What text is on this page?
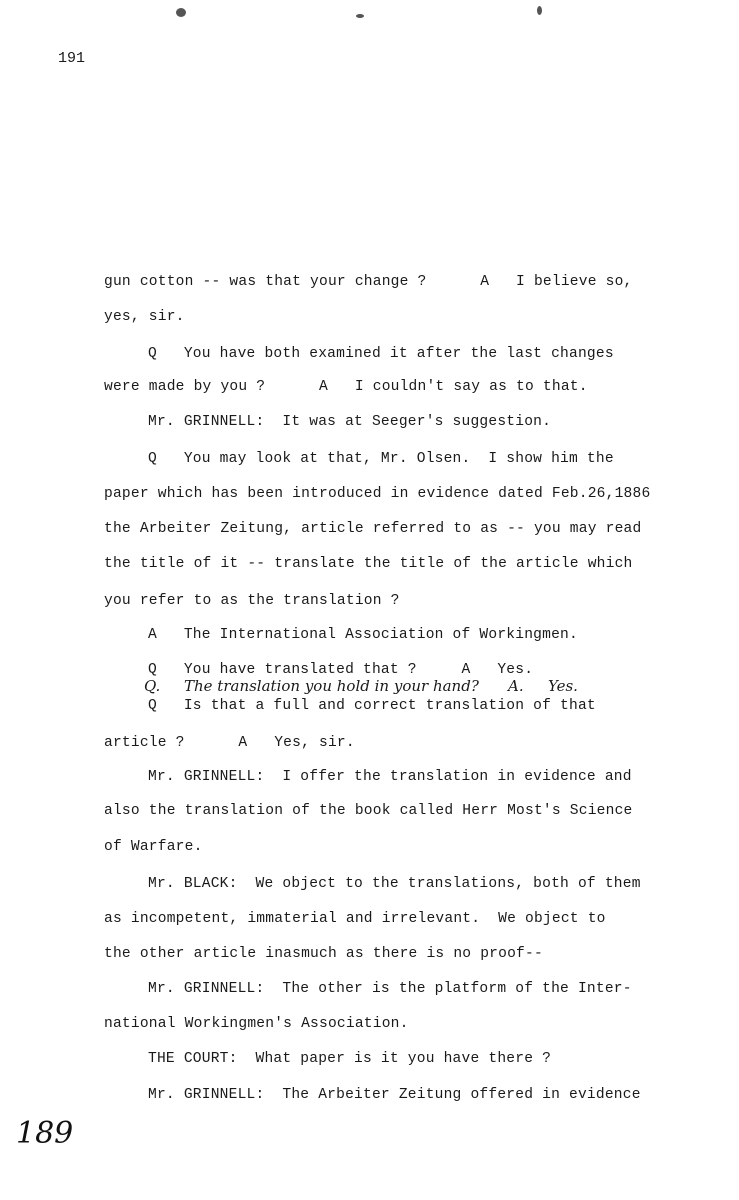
191
gun cotton -- was that your change ?      A   I believe so,
yes, sir.
Q   You have both examined it after the last changes
were made by you ?      A   I couldn't say as to that.
Mr. GRINNELL:  It was at Seeger's suggestion.
Q   You may look at that, Mr. Olsen.  I show him the
paper which has been introduced in evidence dated Feb.26,1886
the Arbeiter Zeitung, article referred to as -- you may read
the title of it -- translate the title of the article which
you refer to as the translation ?
A   The International Association of Workingmen.
Q   You have translated that ?     A   Yes.
Q. The translation you hold in your hand? A. Yes.
Q   Is that a full and correct translation of that
article ?      A   Yes, sir.
Mr. GRINNELL:  I offer the translation in evidence and
also the translation of the book called Herr Most's Science
of Warfare.
Mr. BLACK:  We object to the translations, both of them
as incompetent, immaterial and irrelevant.  We object to
the other article inasmuch as there is no proof--
Mr. GRINNELL:  The other is the platform of the Inter-
national Workingmen's Association.
THE COURT:  What paper is it you have there ?
Mr. GRINNELL:  The Arbeiter Zeitung offered in evidence
189
